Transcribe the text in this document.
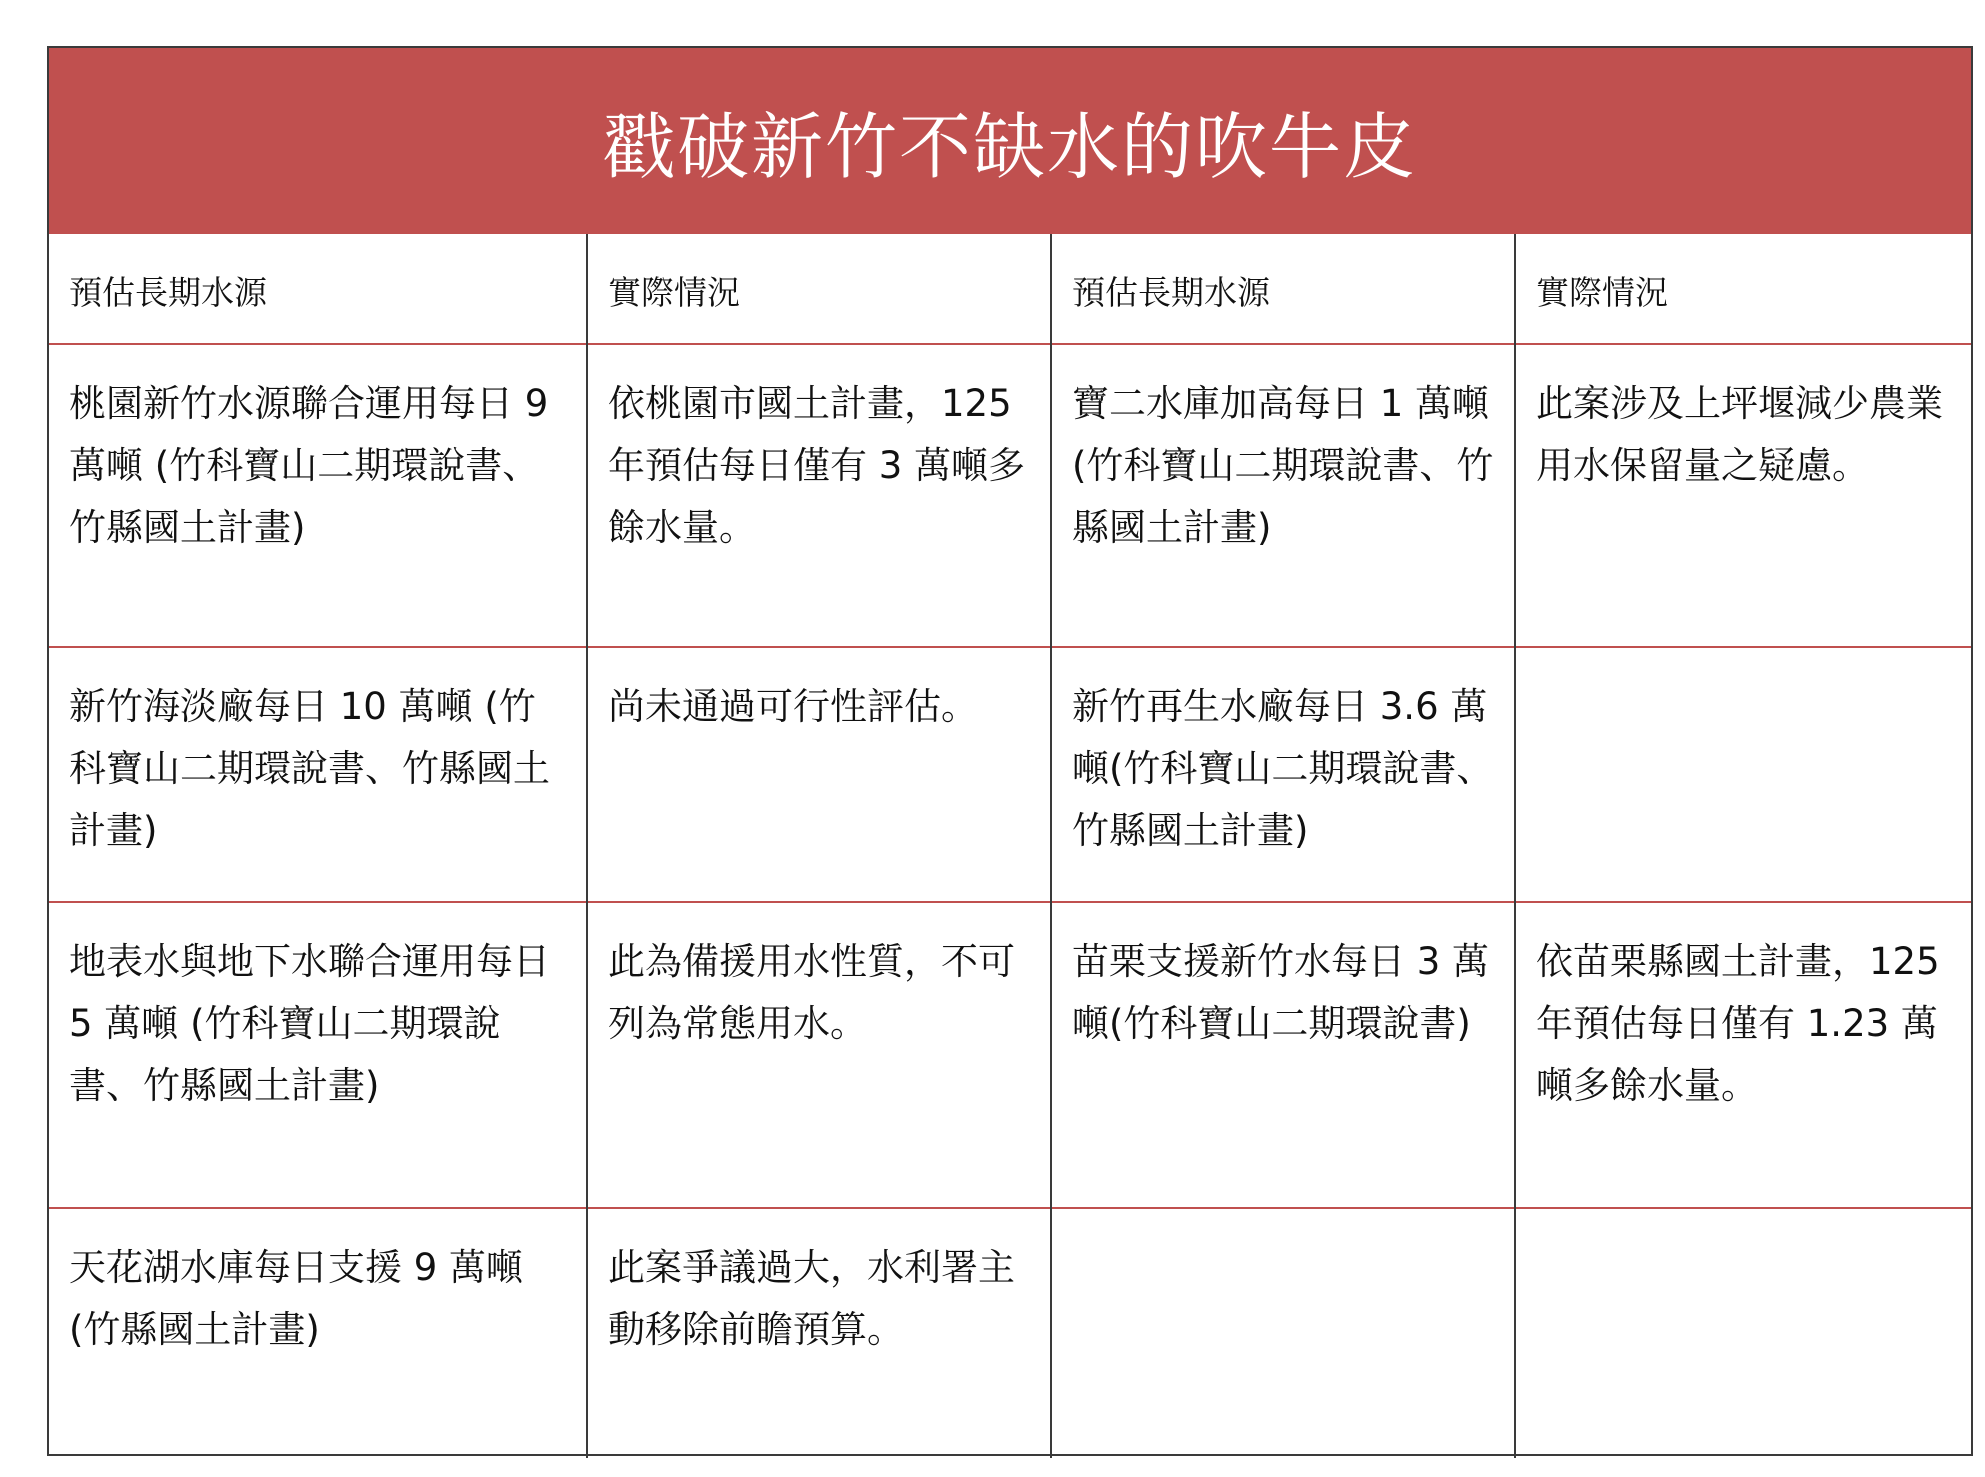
戳破新竹不缺水的吹牛皮
預估長期水源	實際情況	預估長期水源	實際情況
桃園新竹水源聯合運用每日 9 萬噸 (竹科寶山二期環說書、竹縣國土計畫)	依桃園市國土計畫，125 年預估每日僅有 3 萬噸多餘水量。	寶二水庫加高每日 1 萬噸 (竹科寶山二期環說書、竹縣國土計畫)	此案涉及上坪堰減少農業用水保留量之疑慮。
新竹海淡廠每日 10 萬噸 (竹科寶山二期環說書、竹縣國土計畫)	尚未通過可行性評估。	新竹再生水廠每日 3.6 萬噸(竹科寶山二期環說書、竹縣國土計畫)	
地表水與地下水聯合運用每日 5 萬噸 (竹科寶山二期環說書、竹縣國土計畫)	此為備援用水性質，不可列為常態用水。	苗栗支援新竹水每日 3 萬噸(竹科寶山二期環說書)	依苗栗縣國土計畫，125 年預估每日僅有 1.23 萬噸多餘水量。
天花湖水庫每日支援 9 萬噸 (竹縣國土計畫)	此案爭議過大，水利署主動移除前瞻預算。		
